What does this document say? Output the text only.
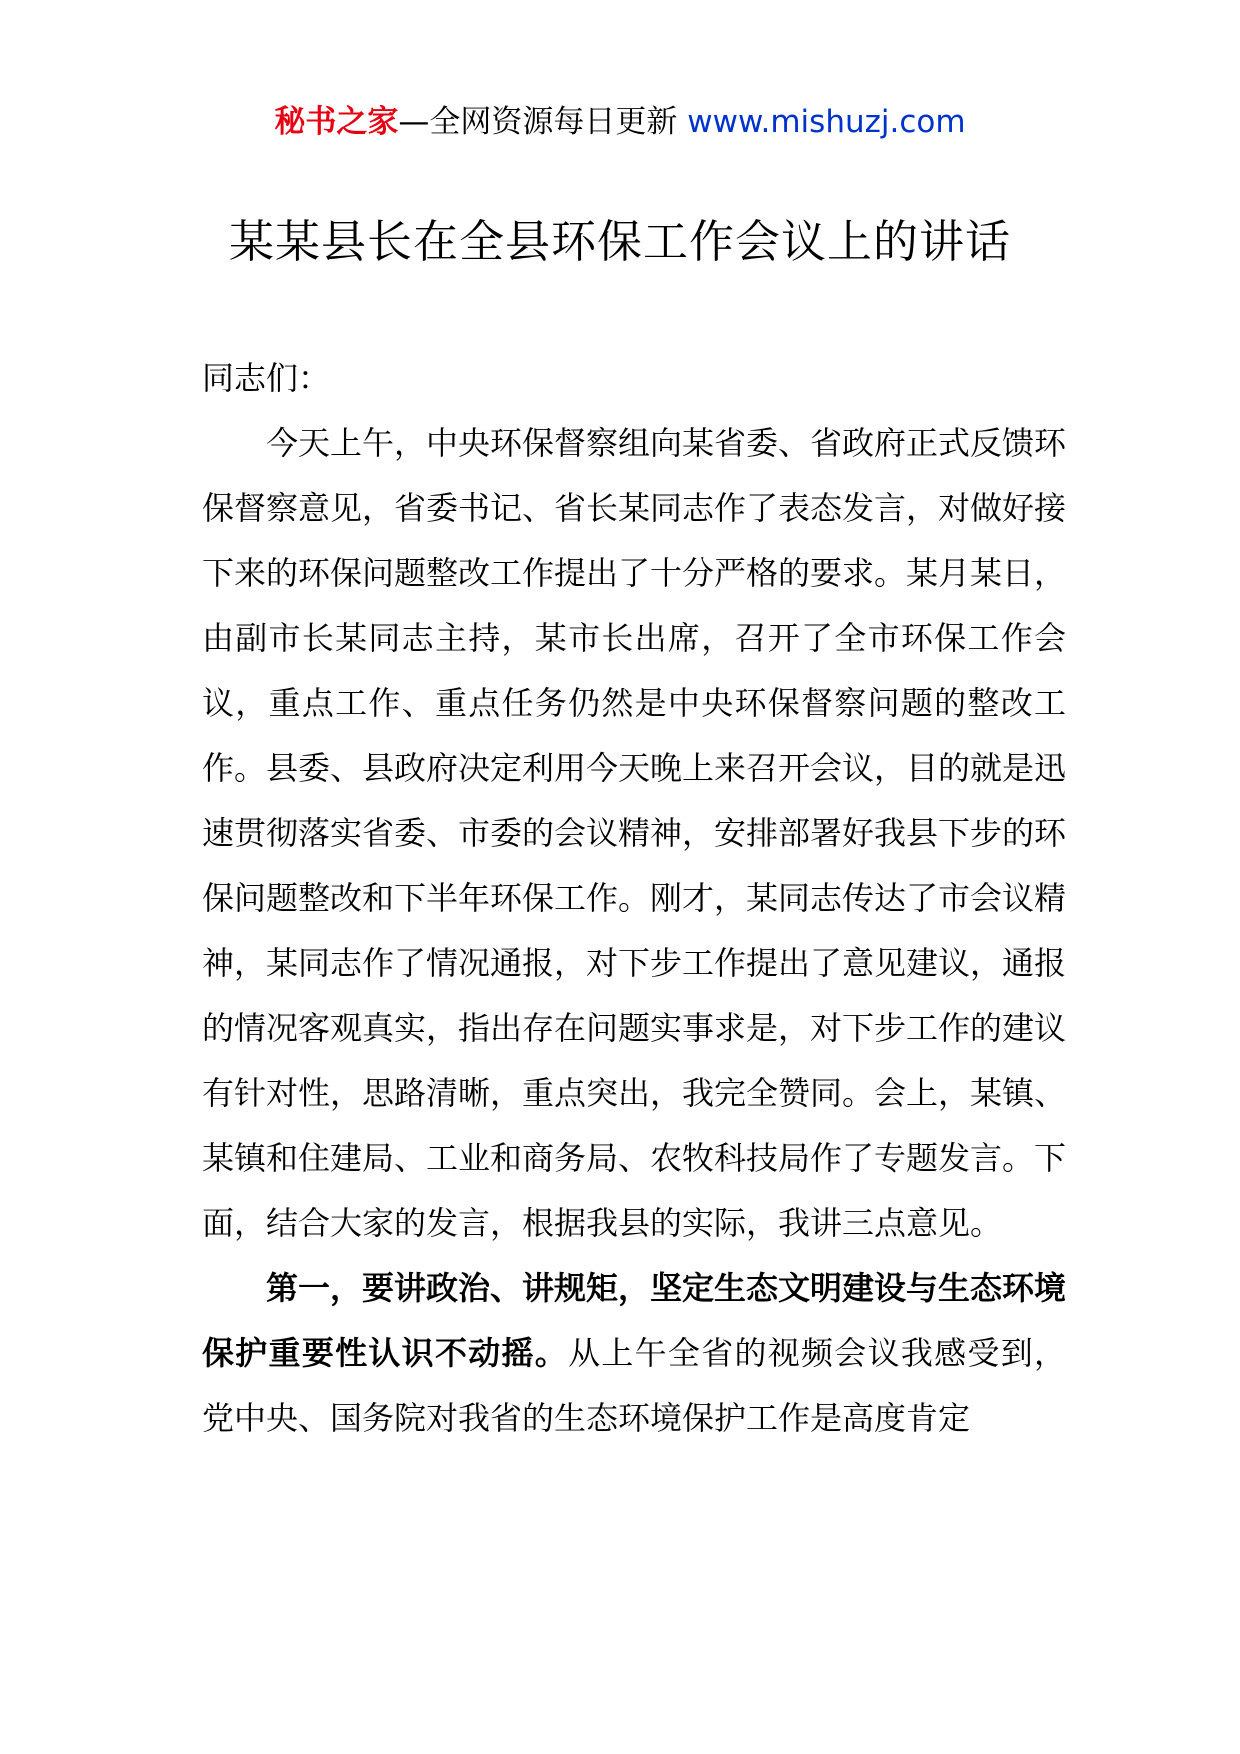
秘书之家—全网资源每日更新 www.mishuzj.com
某某县长在全县环保工作会议上的讲话

同志们：

今天上午，中央环保督察组向某省委、省政府正式反馈环保督察意见，省委书记、省长某同志作了表态发言，对做好接下来的环保问题整改工作提出了十分严格的要求。某月某日，由副市长某同志主持，某市长出席，召开了全市环保工作会议，重点工作、重点任务仍然是中央环保督察问题的整改工作。县委、县政府决定利用今天晚上来召开会议，目的就是迅速贯彻落实省委、市委的会议精神，安排部署好我县下步的环保问题整改和下半年环保工作。刚才，某同志传达了市会议精神，某同志作了情况通报，对下步工作提出了意见建议，通报的情况客观真实，指出存在问题实事求是，对下步工作的建议有针对性，思路清晰，重点突出，我完全赞同。会上，某镇、某镇和住建局、工业和商务局、农牧科技局作了专题发言。下面，结合大家的发言，根据我县的实际，我讲三点意见。

第一，要讲政治、讲规矩，坚定生态文明建设与生态环境保护重要性认识不动摇。从上午全省的视频会议我感受到，党中央、国务院对我省的生态环境保护工作是高度肯定
